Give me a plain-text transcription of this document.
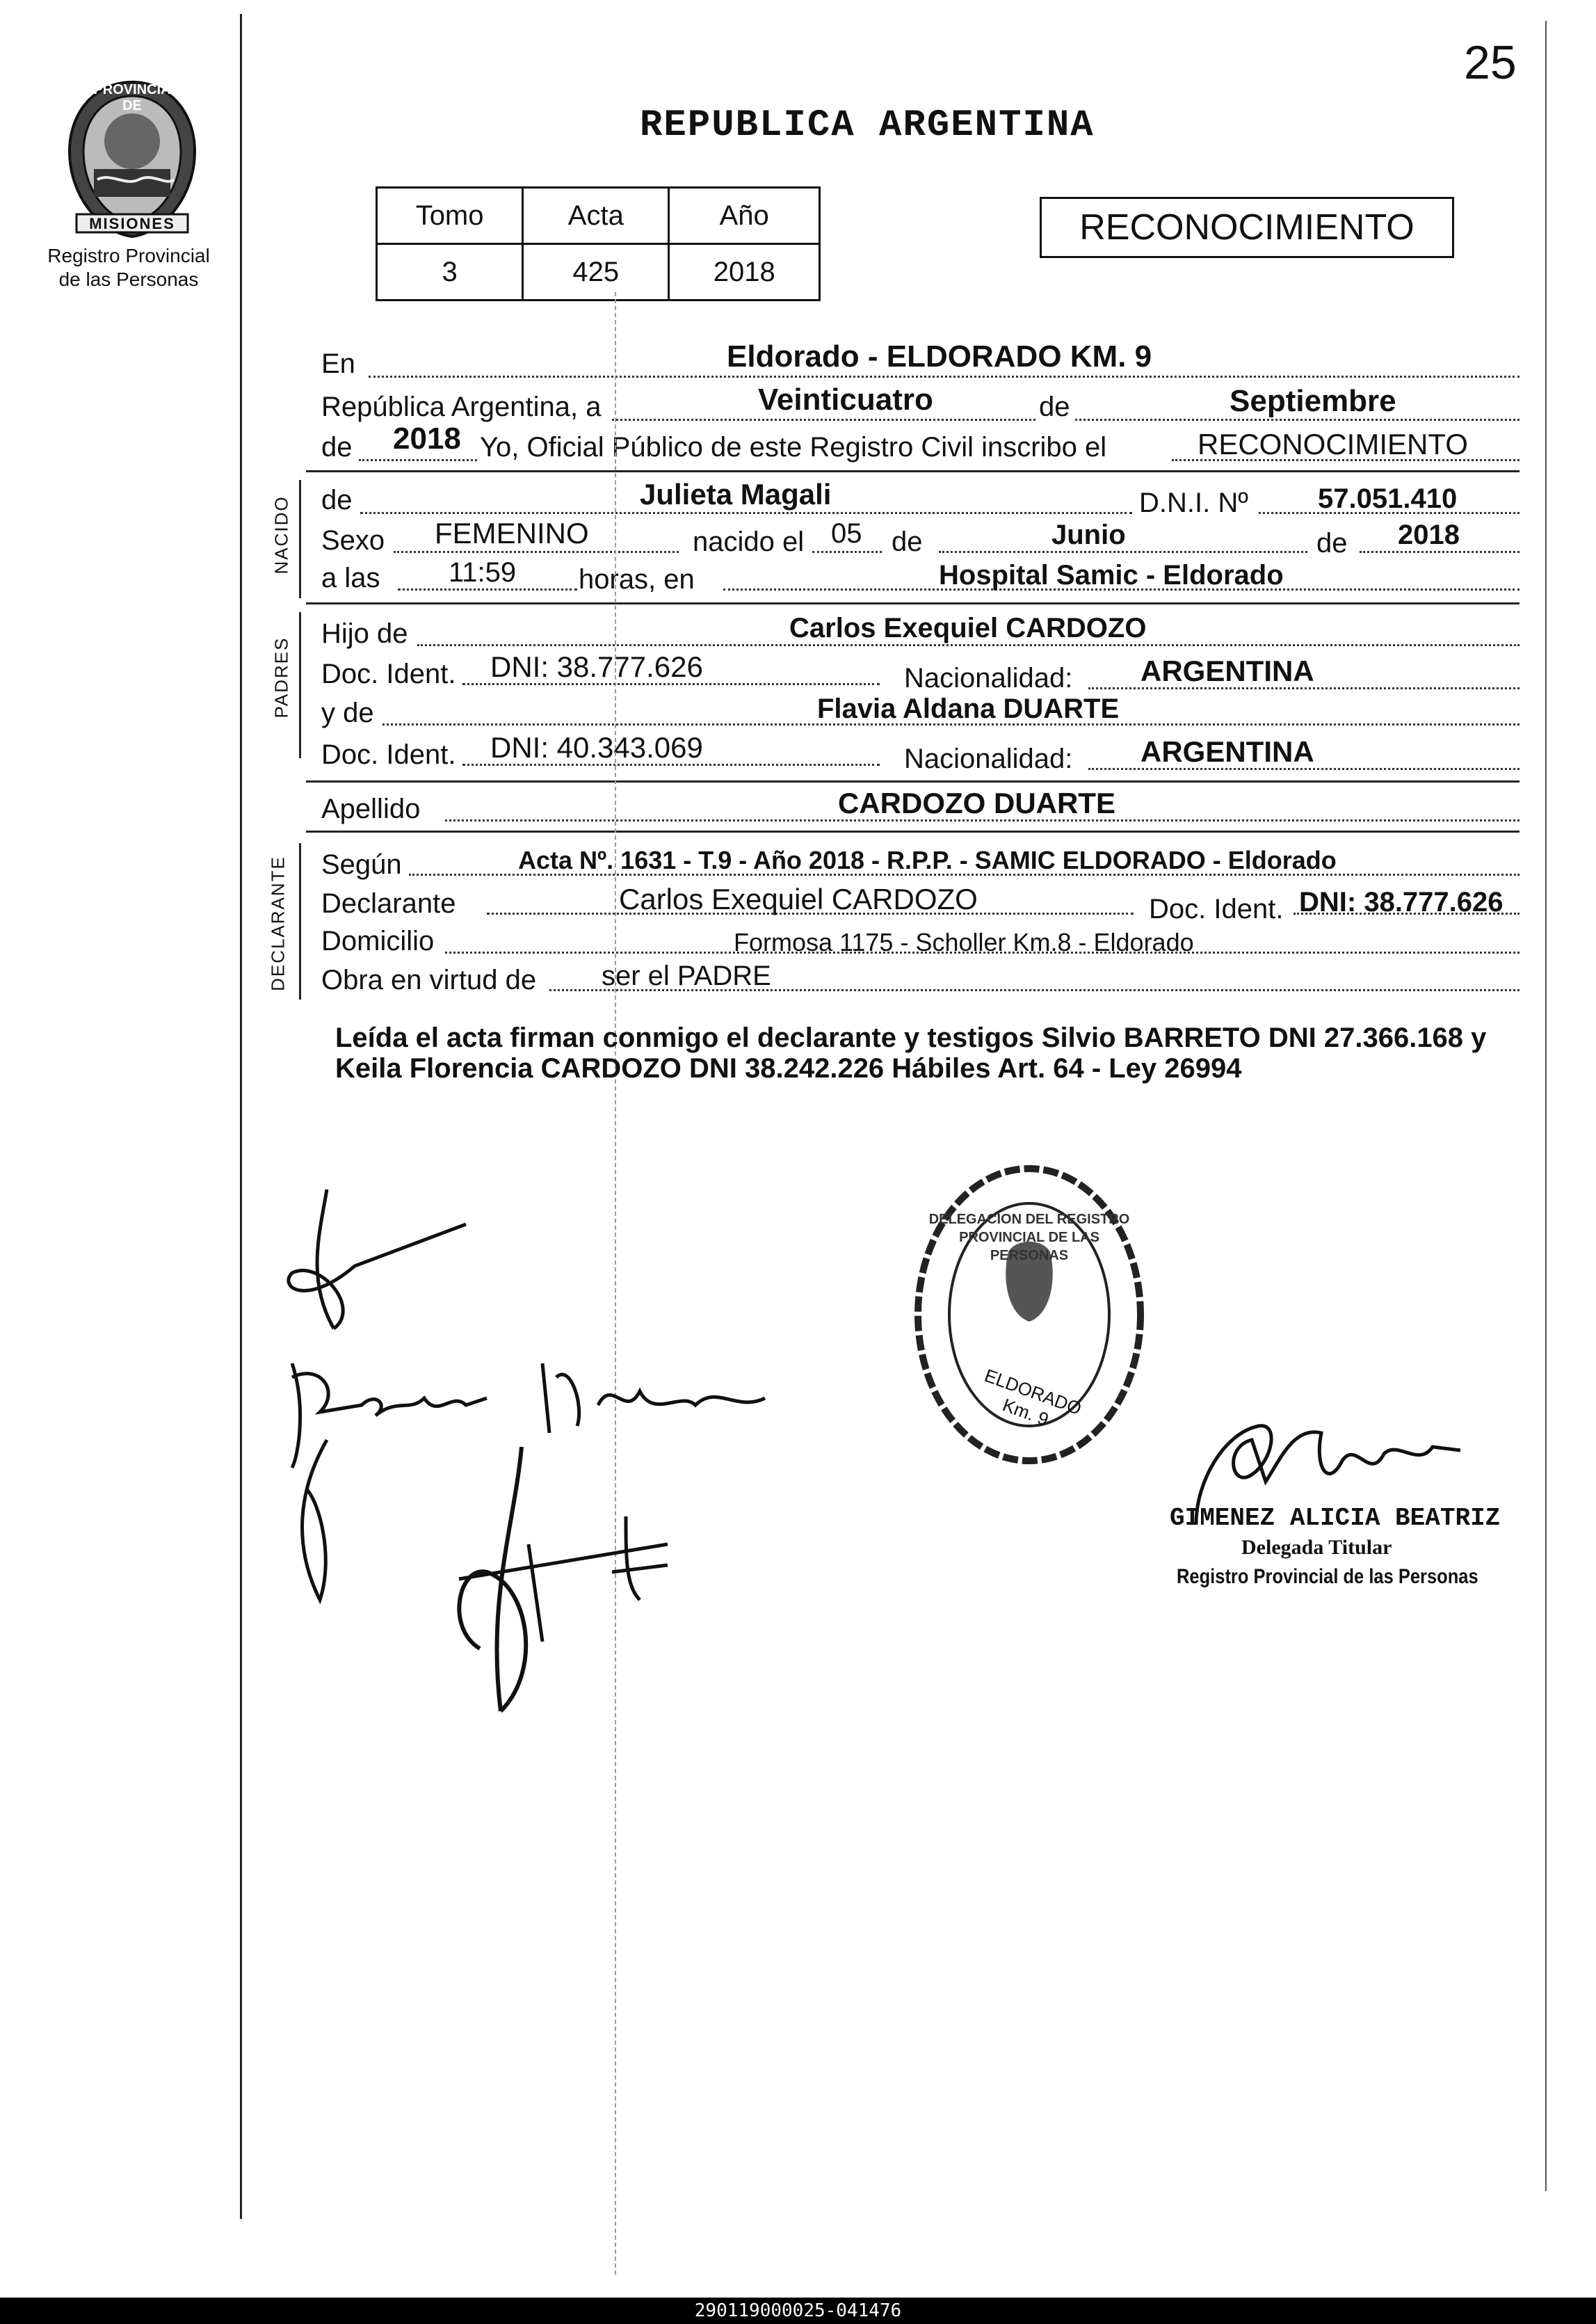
25
PROVINCIA DE
MISIONES
Registro Provincial
de las Personas
REPUBLICA ARGENTINA
Tomo	Acta	Año
3	425	2018
RECONOCIMIENTO
En	Eldorado - ELDORADO KM. 9
República Argentina, a	Veinticuatro	de	Septiembre
de 2018 Yo, Oficial Público de este Registro Civil inscribo el	RECONOCIMIENTO
NACIDO de	Julieta Magali	D.N.I. Nº	57.051.410
Sexo FEMENINO	nacido el 05 de	Junio	de 2018
a las 11:59 horas, en	Hospital Samic - Eldorado
PADRES
Hijo de	Carlos Exequiel CARDOZO
Doc. Ident. DNI: 38.777.626	Nacionalidad: ARGENTINA
y de	Flavia Aldana DUARTE
Doc. Ident. DNI: 40.343.069	Nacionalidad: ARGENTINA
Apellido	CARDOZO DUARTE
DECLARANTE Según	Acta Nº. 1631 - T.9 - Año 2018 - R.P.P. - SAMIC ELDORADO - Eldorado
Declarante	Carlos Exequiel CARDOZO	Doc. Ident. DNI: 38.777.626
Domicilio	Formosa 1175 - Scholler Km.8 - Eldorado
Obra en virtud de ser el PADRE
Leída el acta firman conmigo el declarante y testigos Silvio BARRETO DNI 27.366.168 y Keila Florencia CARDOZO DNI 38.242.226 Hábiles Art. 64 - Ley 26994
DELEGACION DEL REGISTRO PROVINCIAL DE LAS PERSONAS
ELDORADO Km. 9
GIMENEZ ALICIA BEATRIZ
Delegada Titular
Registro Provincial de las Personas
290119000025-041476
